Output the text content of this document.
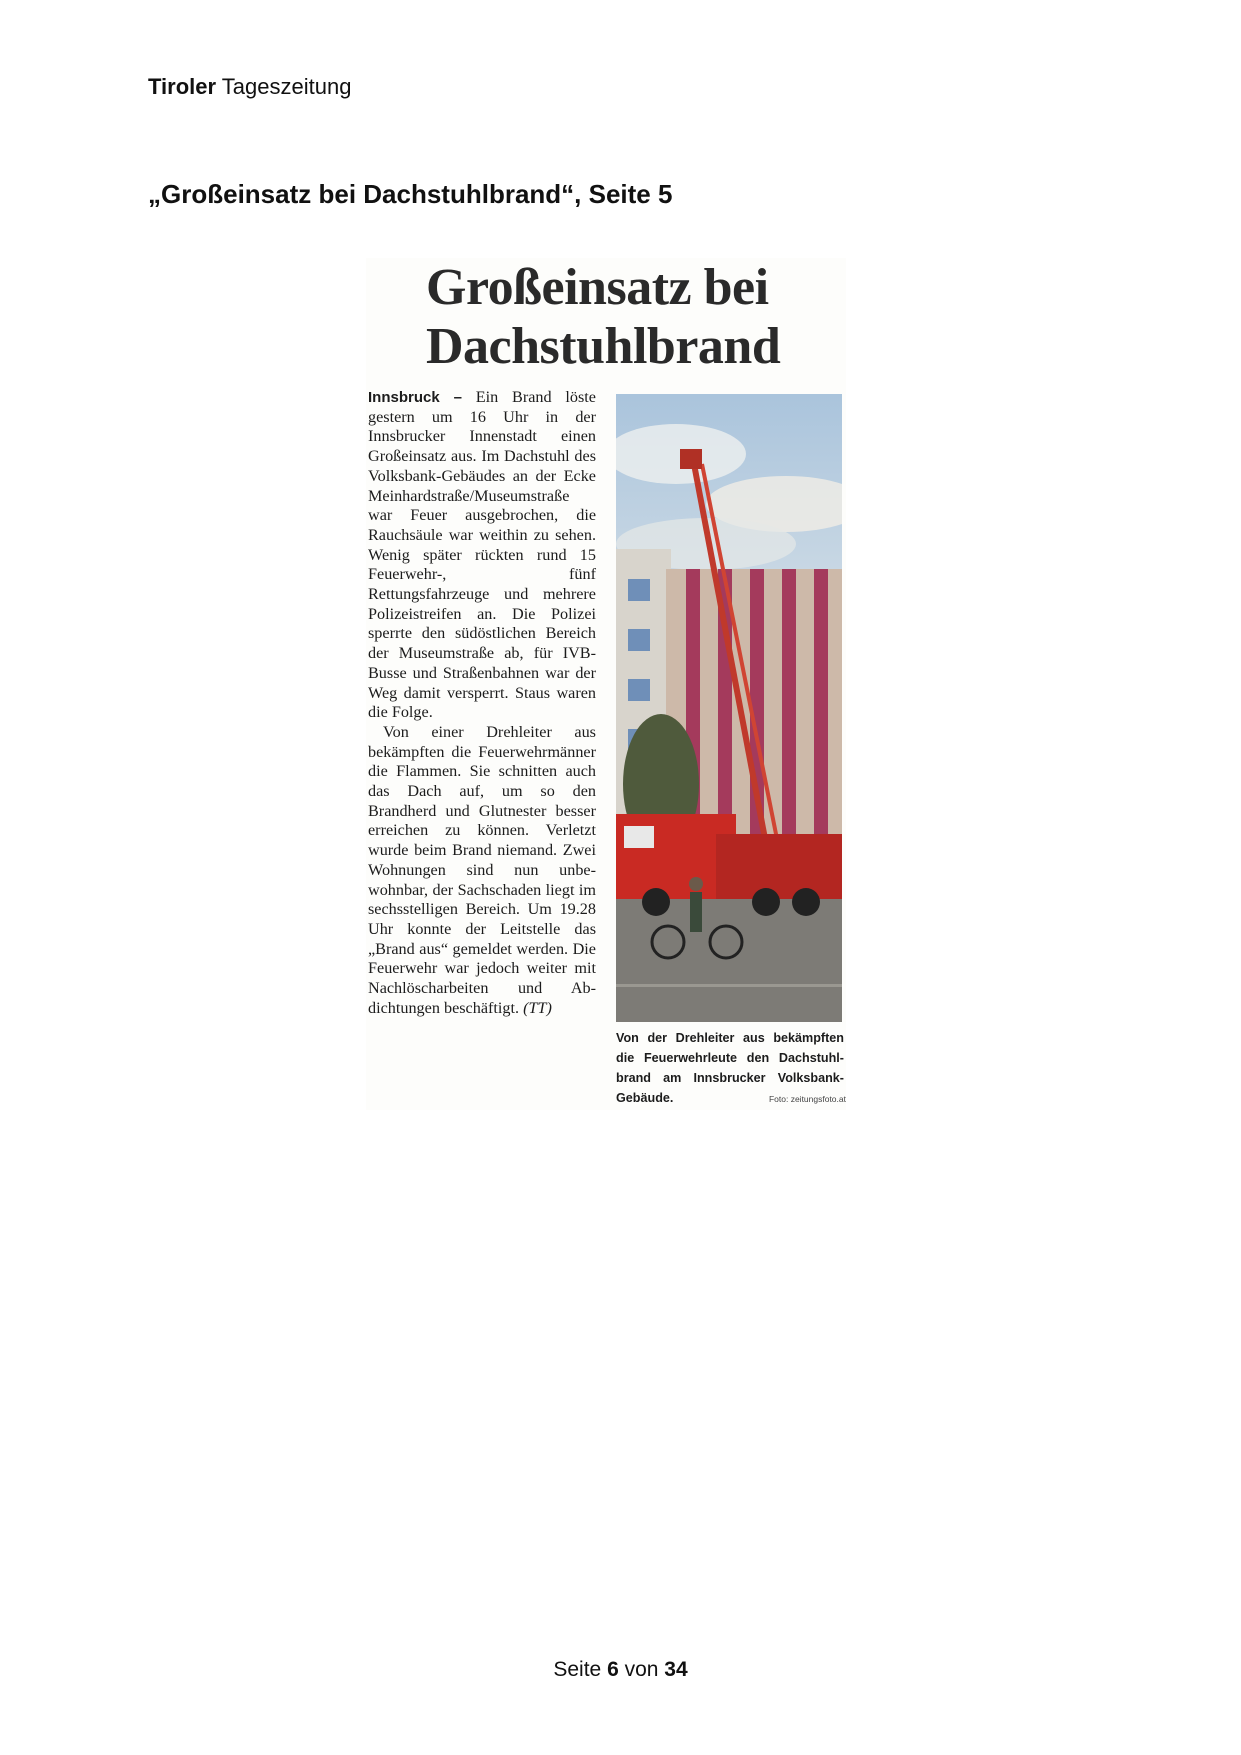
Tiroler Tageszeitung
„Großeinsatz bei Dachstuhlbrand“, Seite 5
Großeinsatz bei
Dachstuhlbrand

Innsbruck – Ein Brand löste gestern um 16 Uhr in der Innsbrucker Innenstadt einen Großeinsatz aus. Im Dachstuhl des Volksbank-Gebäudes an der Ecke Meinhardstraße/Museumstraße war Feuer ausgebrochen, die Rauchsäule war weithin zu sehen. Wenig später rückten rund 15 Feuerwehr-, fünf Rettungsfahrzeuge und mehrere Polizeistreifen an. Die Polizei sperrte den südöstlichen Bereich der Museumstraße ab, für IVB-Busse und Straßenbahnen war der Weg damit versperrt. Staus waren die Folge.

Von einer Drehleiter aus bekämpften die Feuerwehrmänner die Flammen. Sie schnitten auch das Dach auf, um so den Brandherd und Glutnester besser erreichen zu können. Verletzt wurde beim Brand niemand. Zwei Wohnungen sind nun unbewohnbar, der Sachschaden liegt im sechsstelligen Bereich. Um 19.28 Uhr konnte der Leitstelle das „Brand aus“ gemeldet werden. Die Feuerwehr war jedoch weiter mit Nachlöscharbeiten und Abdichtungen beschäftigt. (TT)

Von der Drehleiter aus bekämpften die Feuerwehrleute den Dachstuhlbrand am Innsbrucker Volksbank-Gebäude.	Foto: zeitungsfoto.at
Seite 6 von 34
